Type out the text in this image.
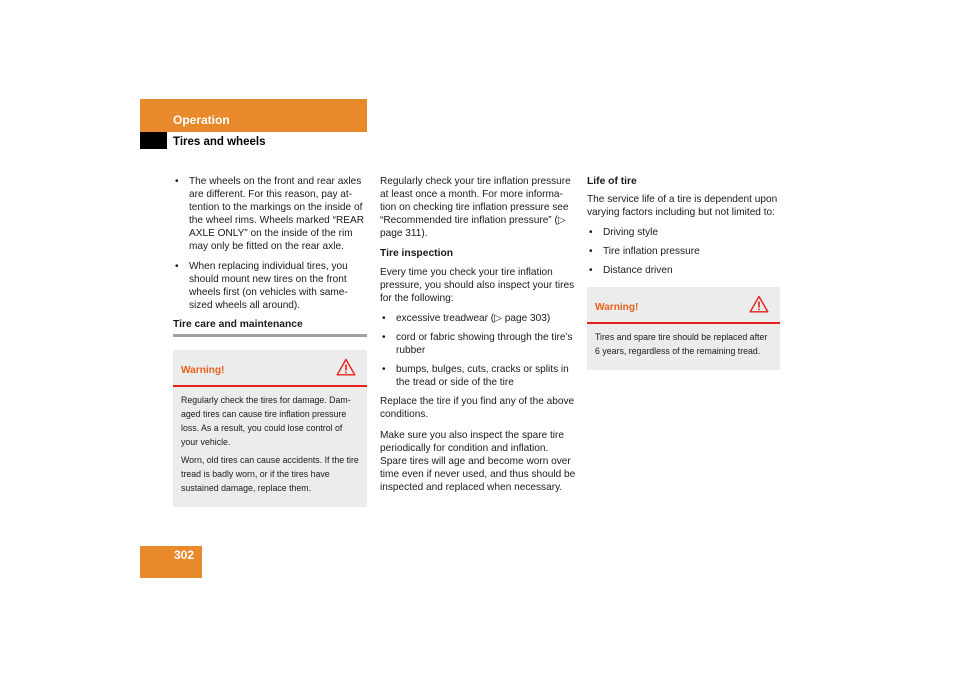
Operation
Tires and wheels
• The wheels on the front and rear axles are different. For this reason, pay at-tention to the markings on the inside of the wheel rims. Wheels marked “REAR AXLE ONLY” on the inside of the rim may only be fitted on the rear axle.
• When replacing individual tires, you should mount new tires on the front wheels first (on vehicles with same-sized wheels all around).

Tire care and maintenance

Warning!

Regularly check the tires for damage. Dam-aged tires can cause tire inflation pressure loss. As a result, you could lose control of your vehicle.

Worn, old tires can cause accidents. If the tire tread is badly worn, or if the tires have sustained damage, replace them.

Regularly check your tire inflation pressure at least once a month. For more informa-tion on checking tire inflation pressure see “Recommended tire inflation pressure” (▷ page 311).

Tire inspection

Every time you check your tire inflation pressure, you should also inspect your tires for the following:

• excessive treadwear (▷ page 303)
• cord or fabric showing through the tire’s rubber
• bumps, bulges, cuts, cracks or splits in the tread or side of the tire

Replace the tire if you find any of the above conditions.

Make sure you also inspect the spare tire periodically for condition and inflation. Spare tires will age and become worn over time even if never used, and thus should be inspected and replaced when necessary.

Life of tire

The service life of a tire is dependent upon varying factors including but not limited to:

• Driving style
• Tire inflation pressure
• Distance driven
Warning!

Tires and spare tire should be replaced after 6 years, regardless of the remaining tread.

302
